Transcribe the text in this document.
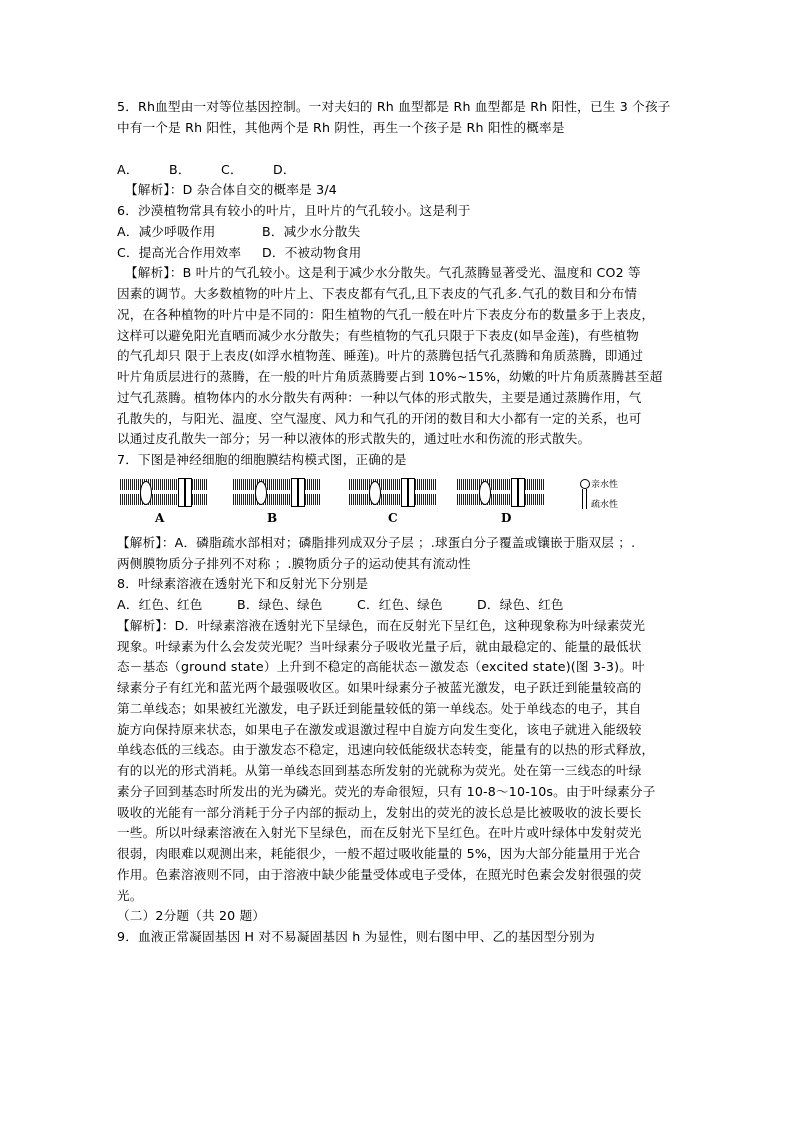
5．Rh血型由一对等位基因控制。一对夫妇的 Rh 血型都是 Rh 血型都是 Rh 阳性，已生 3 个孩子
中有一个是 Rh 阳性，其他两个是 Rh 阴性，再生一个孩子是 Rh 阳性的概率是
A． B． C． D．
【解析】：D 杂合体自交的概率是 3/4
6．沙漠植物常具有较小的叶片，且叶片的气孔较小。这是利于
A．减少呼吸作用	B．减少水分散失
C．提高光合作用效率 D．不被动物食用
【解析】：B 叶片的气孔较小。这是利于减少水分散失。气孔蒸腾显著受光、温度和 CO2 等
因素的调节。大多数植物的叶片上、下表皮都有气孔,且下表皮的气孔多.气孔的数目和分布情
况，在各种植物的叶片中是不同的：阳生植物的气孔一般在叶片下表皮分布的数量多于上表皮，
这样可以避免阳光直晒而减少水分散失；有些植物的气孔只限于下表皮(如旱金莲)，有些植物
的气孔却只 限于上表皮(如浮水植物莲、睡莲)。叶片的蒸腾包括气孔蒸腾和角质蒸腾，即通过
叶片角质层进行的蒸腾，在一般的叶片角质蒸腾要占到 10%~15%，幼嫩的叶片角质蒸腾甚至超
过气孔蒸腾。植物体内的水分散失有两种：一种以气体的形式散失，主要是通过蒸腾作用，气
孔散失的，与阳光、温度、空气湿度、风力和气孔的开闭的数目和大小都有一定的关系，也可
以通过皮孔散失一部分；另一种以液体的形式散失的，通过吐水和伤流的形式散失。
7．下图是神经细胞的细胞膜结构模式图，正确的是
A	B	C	D
亲水性
疏水性
【解析】：A．磷脂疏水部相对；磷脂排列成双分子层 ；.球蛋白分子覆盖或镶嵌于脂双层 ；.
两侧膜物质分子排列不对称 ；.膜物质分子的运动使其有流动性
8．叶绿素溶液在透射光下和反射光下分别是
A．红色、红色	B．绿色、绿色	C．红色、绿色	D．绿色、红色
【解析】：D．叶绿素溶液在透射光下呈绿色，而在反射光下呈红色，这种现象称为叶绿素荧光
现象。叶绿素为什么会发荧光呢？当叶绿素分子吸收光量子后，就由最稳定的、能量的最低状
态－基态（ground state）上升到不稳定的高能状态－激发态（excited state)(图 3-3)。叶
绿素分子有红光和蓝光两个最强吸收区。如果叶绿素分子被蓝光激发，电子跃迁到能量较高的
第二单线态；如果被红光激发，电子跃迁到能量较低的第一单线态。处于单线态的电子，其自
旋方向保持原来状态，如果电子在激发或退激过程中自旋方向发生变化，该电子就进入能级较
单线态低的三线态。由于激发态不稳定，迅速向较低能级状态转变，能量有的以热的形式释放，
有的以光的形式消耗。从第一单线态回到基态所发射的光就称为荧光。处在第一三线态的叶绿
素分子回到基态时所发出的光为磷光。荧光的寿命很短，只有 10-8～10-10s。由于叶绿素分子
吸收的光能有一部分消耗于分子内部的振动上，发射出的荧光的波长总是比被吸收的波长要长
一些。所以叶绿素溶液在入射光下呈绿色，而在反射光下呈红色。在叶片或叶绿体中发射荧光
很弱，肉眼难以观测出来，耗能很少，一般不超过吸收能量的 5%，因为大部分能量用于光合
作用。色素溶液则不同，由于溶液中缺少能量受体或电子受体，在照光时色素会发射很强的荧
光。
（二）2分题（共 20 题）
9．血液正常凝固基因 H 对不易凝固基因 h 为显性，则右图中甲、乙的基因型分别为
